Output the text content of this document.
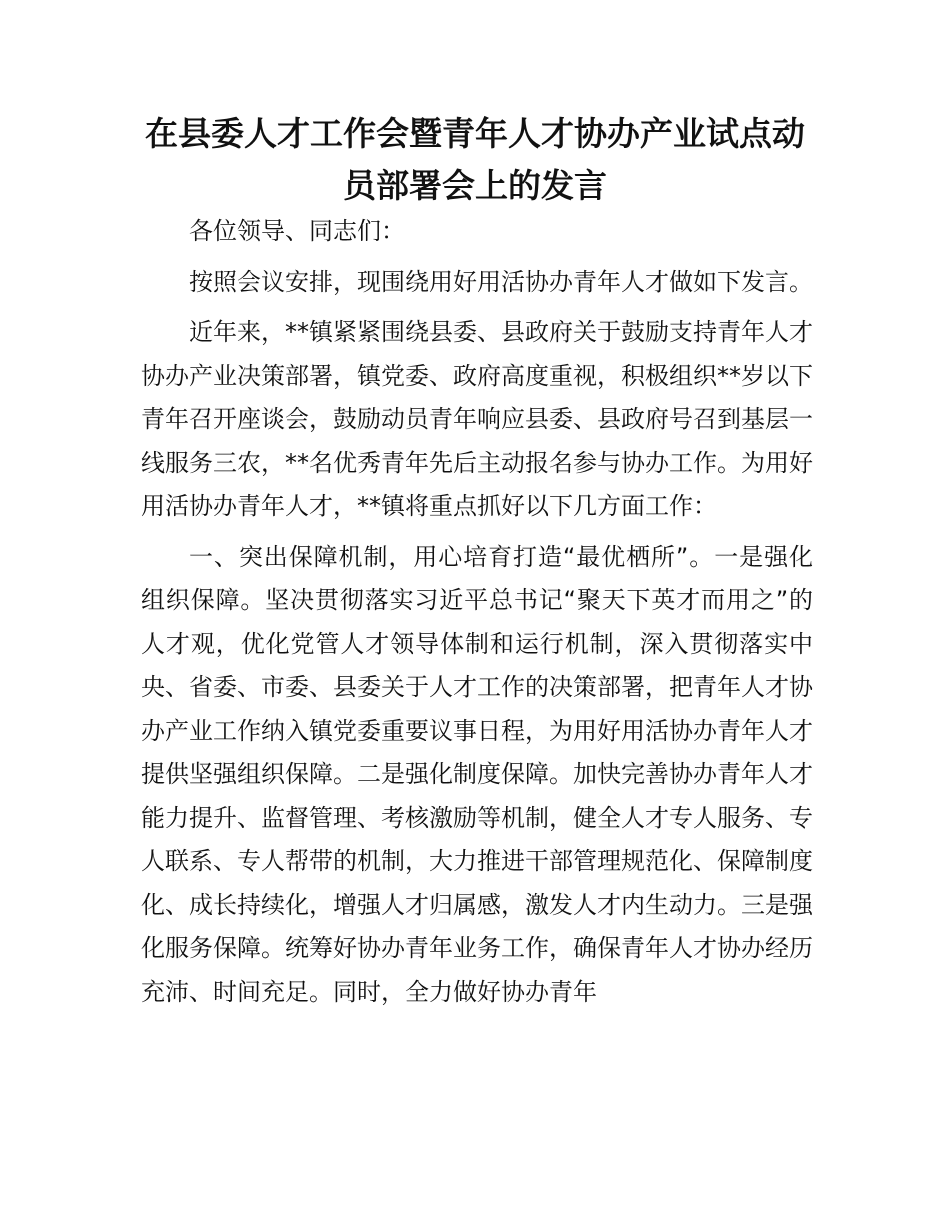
在县委人才工作会暨青年人才协办产业试点动
员部署会上的发言

各位领导、同志们：

按照会议安排，现围绕用好用活协办青年人才做如下发言。

近年来，**镇紧紧围绕县委、县政府关于鼓励支持青年人才协办产业决策部署，镇党委、政府高度重视，积极组织**岁以下青年召开座谈会，鼓励动员青年响应县委、县政府号召到基层一线服务三农，**名优秀青年先后主动报名参与协办工作。为用好用活协办青年人才，**镇将重点抓好以下几方面工作：

一、突出保障机制，用心培育打造“最优栖所”。一是强化组织保障。坚决贯彻落实习近平总书记“聚天下英才而用之”的人才观，优化党管人才领导体制和运行机制，深入贯彻落实中央、省委、市委、县委关于人才工作的决策部署，把青年人才协办产业工作纳入镇党委重要议事日程，为用好用活协办青年人才提供坚强组织保障。二是强化制度保障。加快完善协办青年人才能力提升、监督管理、考核激励等机制，健全人才专人服务、专人联系、专人帮带的机制，大力推进干部管理规范化、保障制度化、成长持续化，增强人才归属感，激发人才内生动力。三是强化服务保障。统筹好协办青年业务工作，确保青年人才协办经历充沛、时间充足。同时，全力做好协办青年
